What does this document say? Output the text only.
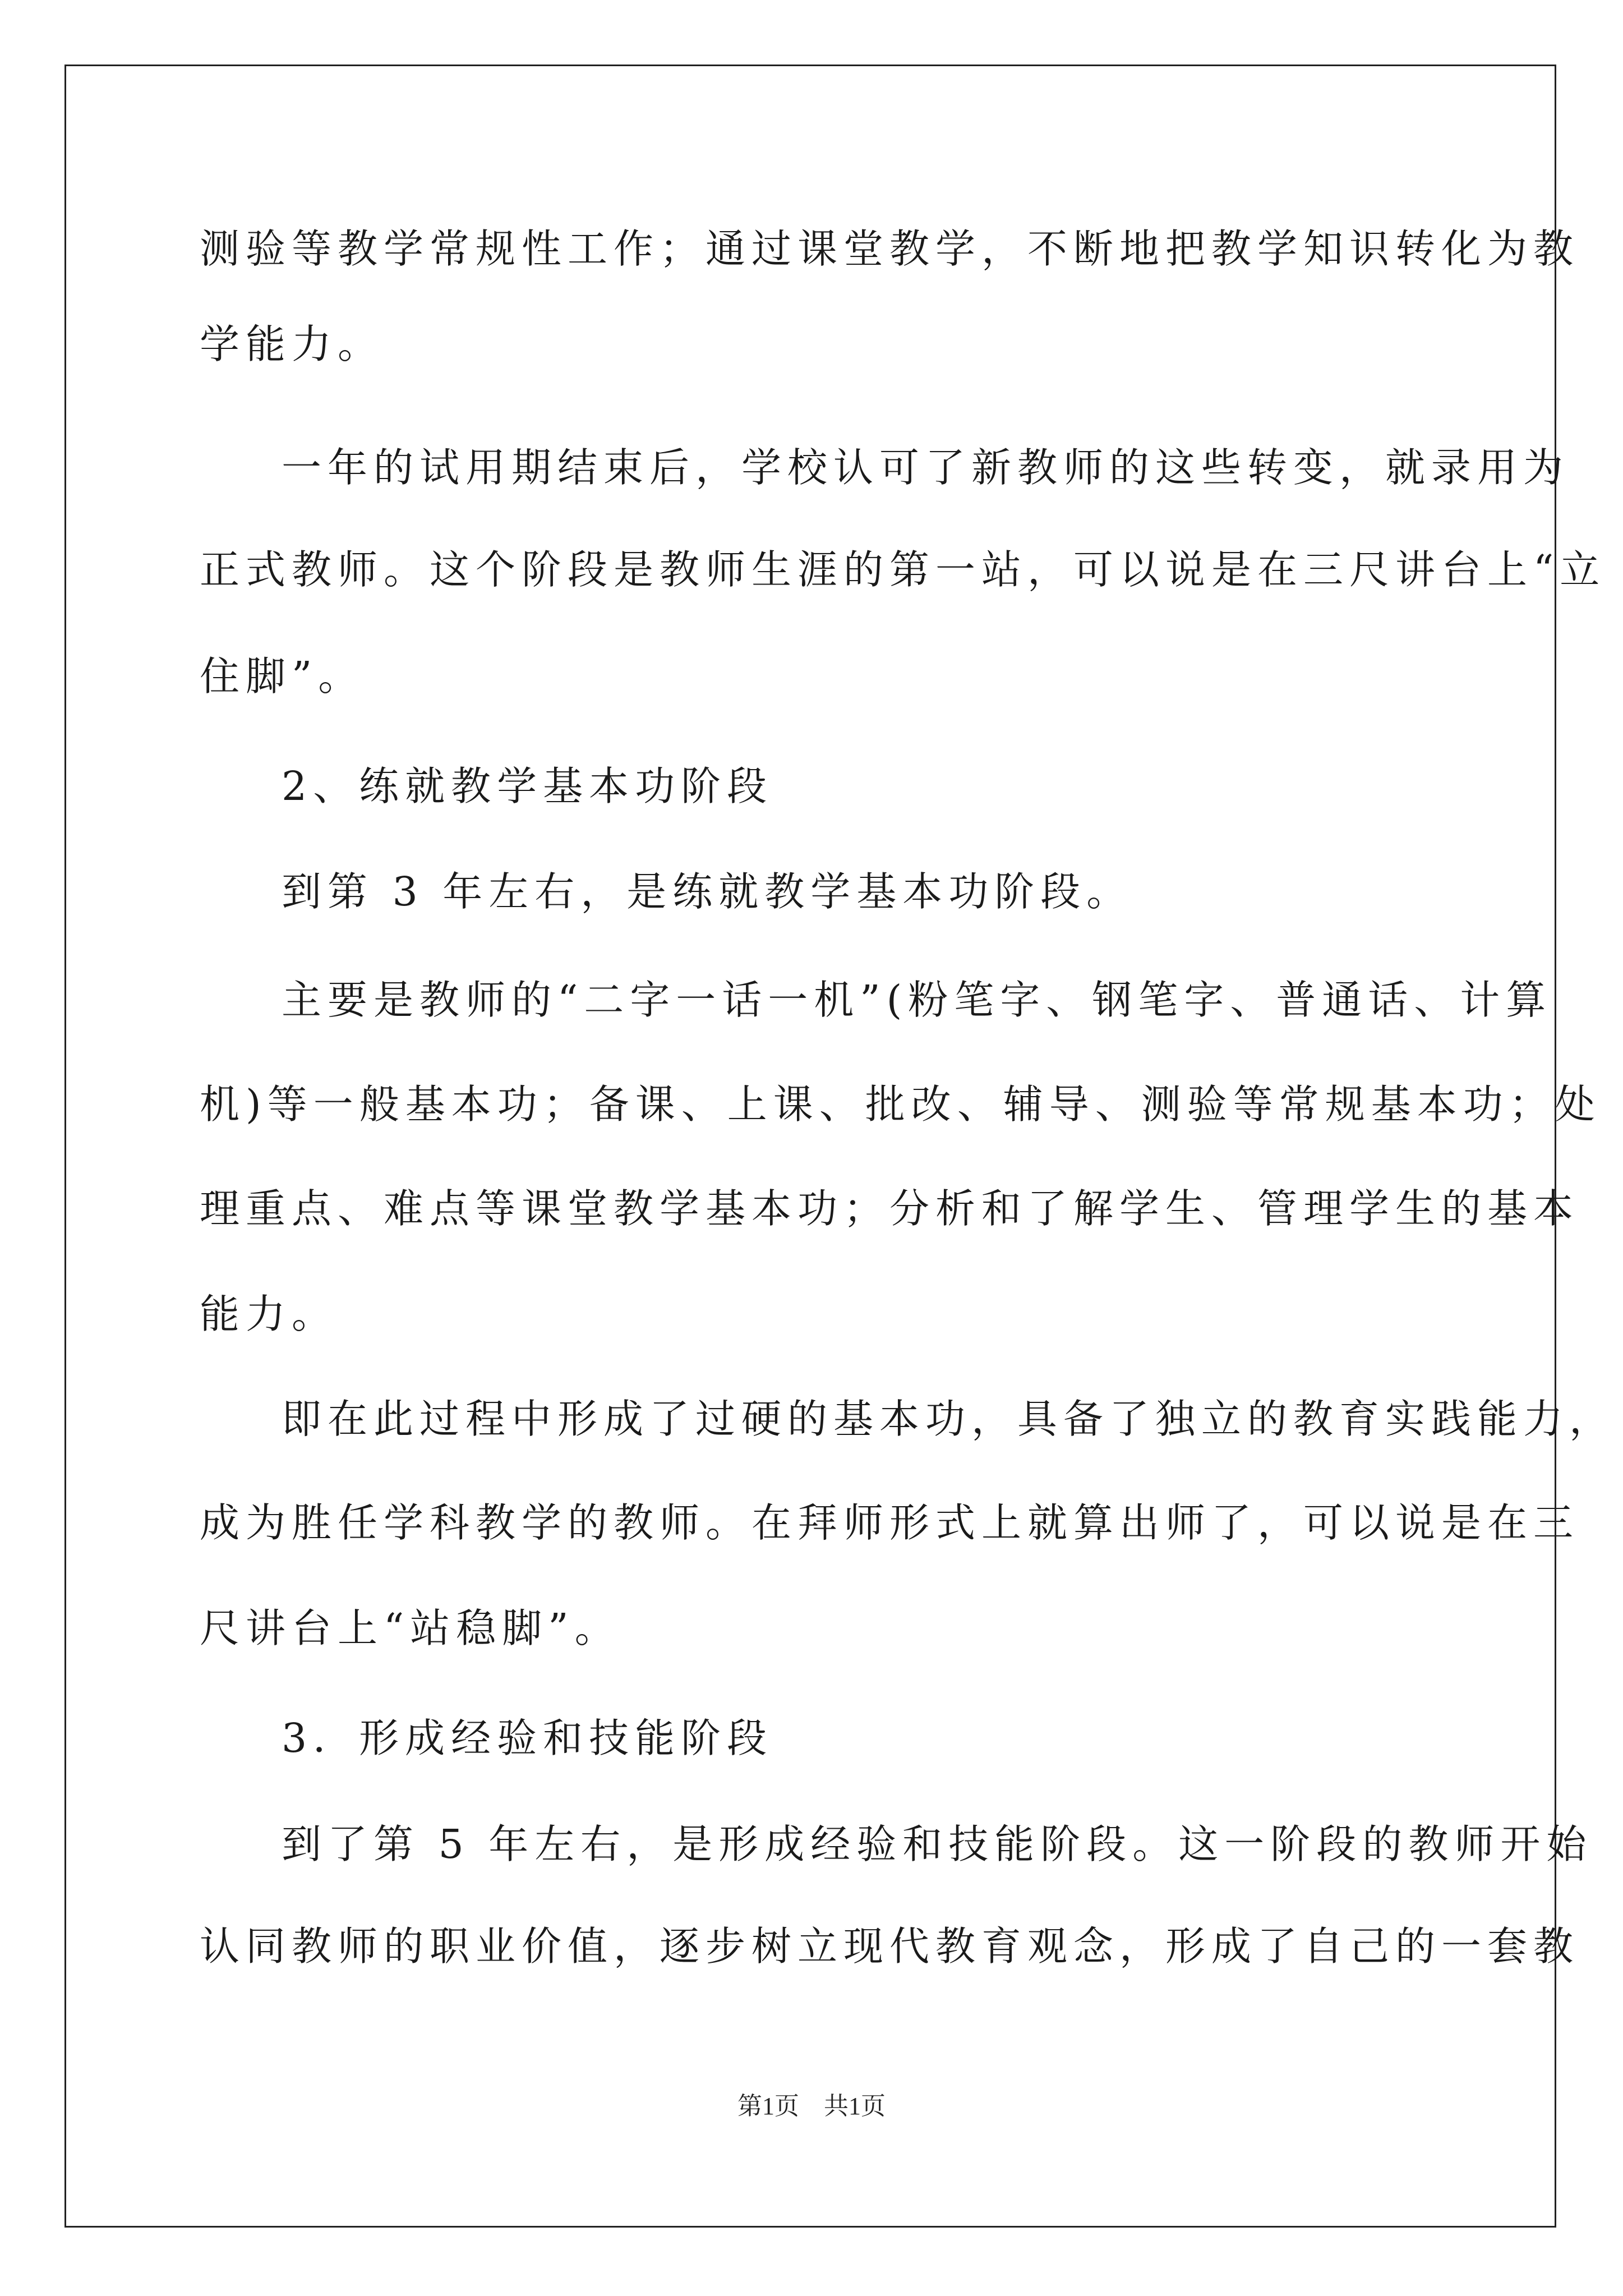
测验等教学常规性工作；通过课堂教学，不断地把教学知识转化为教
学能力。
一年的试用期结束后，学校认可了新教师的这些转变，就录用为
正式教师。这个阶段是教师生涯的第一站，可以说是在三尺讲台上“立
住脚”。
2、练就教学基本功阶段
到第 3 年左右，是练就教学基本功阶段。
主要是教师的“二字一话一机”(粉笔字、钢笔字、普通话、计算
机)等一般基本功；备课、上课、批改、辅导、测验等常规基本功；处
理重点、难点等课堂教学基本功；分析和了解学生、管理学生的基本
能力。
即在此过程中形成了过硬的基本功，具备了独立的教育实践能力，
成为胜任学科教学的教师。在拜师形式上就算出师了，可以说是在三
尺讲台上“站稳脚”。
3．形成经验和技能阶段
到了第 5 年左右，是形成经验和技能阶段。这一阶段的教师开始
认同教师的职业价值，逐步树立现代教育观念，形成了自己的一套教
第1页　共1页
